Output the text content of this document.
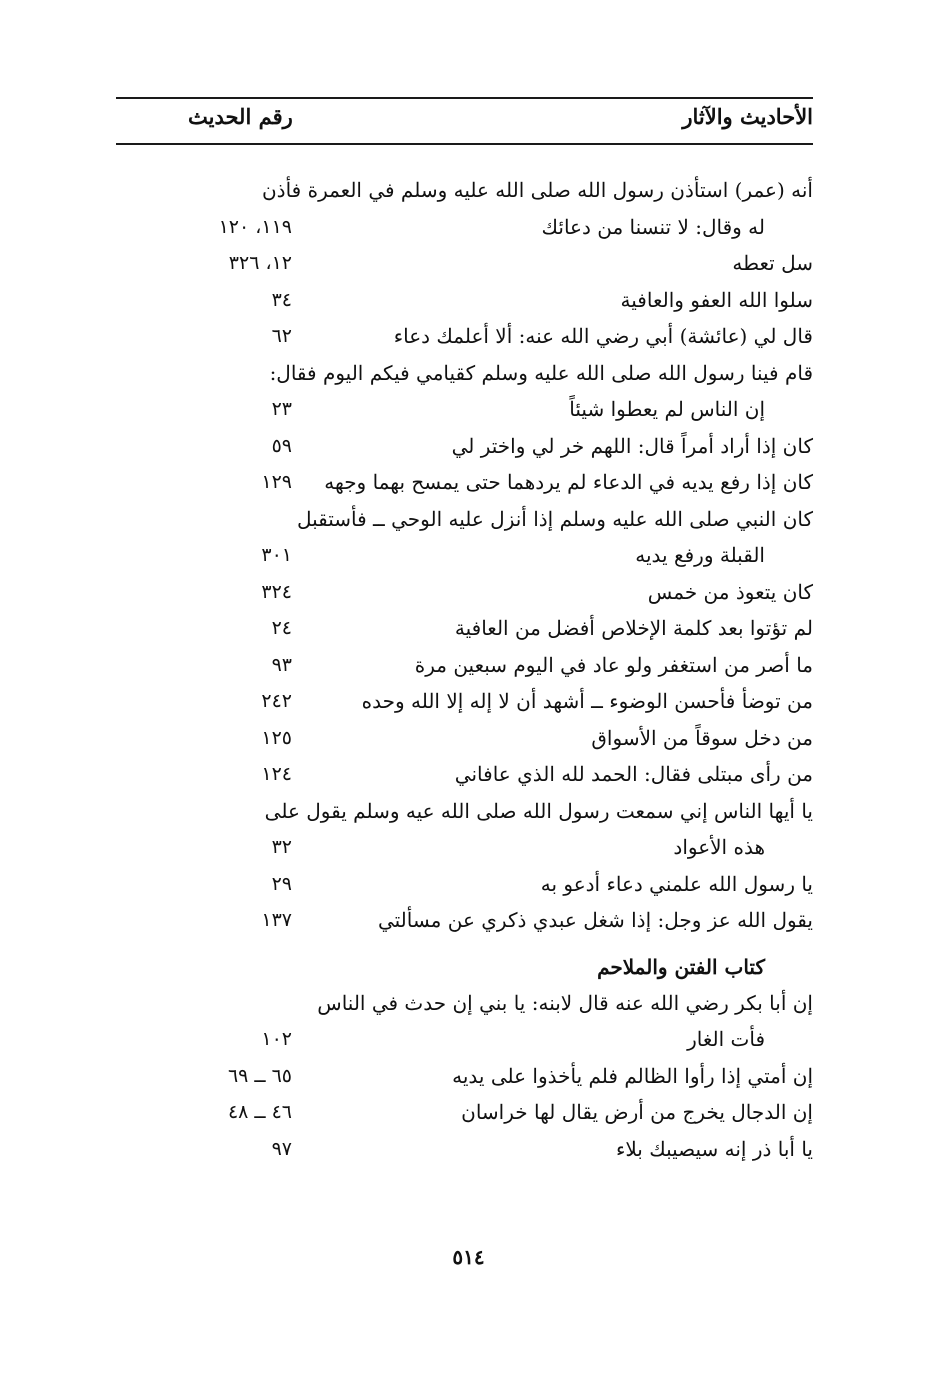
الأحاديث والآثار
رقم الحديث
أنه (عمر) استأذن رسول الله صلى الله عليه وسلم في العمرة فأذن
له وقال: لا تنسنا من دعائك
١١٩، ١٢٠
سل تعطه
١٢، ٣٢٦
سلوا الله العفو والعافية
٣٤
قال لي (عائشة) أبي رضي الله عنه: ألا أعلمك دعاء
٦٢
قام فينا رسول الله صلى الله عليه وسلم كقيامي فيكم اليوم فقال:
إن الناس لم يعطوا شيئاً
٢٣
كان إذا أراد أمراً قال: اللهم خر لي واختر لي
٥٩
كان إذا رفع يديه في الدعاء لم يردهما حتى يمسح بهما وجهه
١٢٩
كان النبي صلى الله عليه وسلم إذا أنزل عليه الوحي ــ فأستقبل
القبلة ورفع يديه
٣٠١
كان يتعوذ من خمس
٣٢٤
لم تؤتوا بعد كلمة الإخلاص أفضل من العافية
٢٤
ما أصر من استغفر ولو عاد في اليوم سبعين مرة
٩٣
من توضأ فأحسن الوضوء ــ أشهد أن لا إله إلا الله وحده
٢٤٢
من دخل سوقاً من الأسواق
١٢٥
من رأى مبتلى فقال: الحمد لله الذي عافاني
١٢٤
يا أيها الناس إني سمعت رسول الله صلى الله عيه وسلم يقول على
هذه الأعواد
٣٢
يا رسول الله علمني دعاء أدعو به
٢٩
يقول الله عز وجل: إذا شغل عبدي ذكري عن مسألتي
١٣٧
كتاب الفتن والملاحم
إن أبا بكر رضي الله عنه قال لابنه: يا بني إن حدث في الناس
فأت الغار
١٠٢
إن أمتي إذا رأوا الظالم فلم يأخذوا على يديه
٦٥ ــ ٦٩
إن الدجال يخرج من أرض يقال لها خراسان
٤٦ ــ ٤٨
يا أبا ذر إنه سيصيبك بلاء
٩٧
٥١٤
